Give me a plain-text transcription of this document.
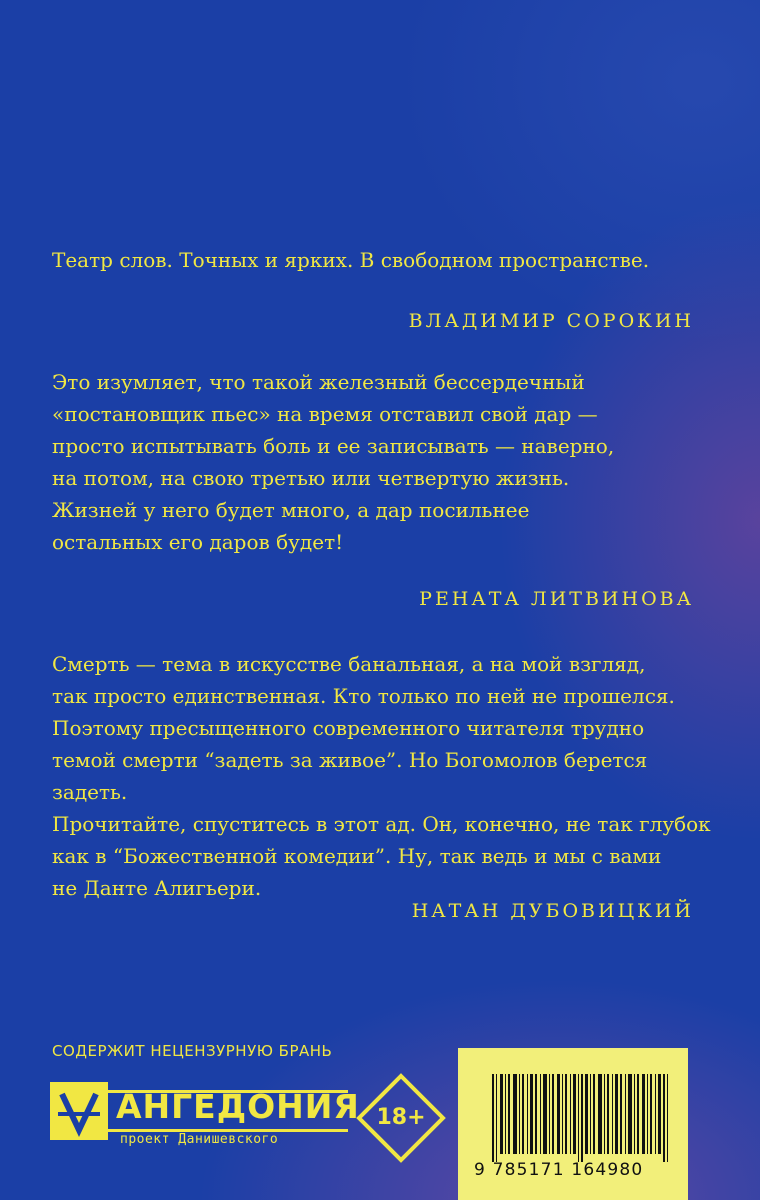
Театр слов. Точных и ярких. В свободном пространстве.
ВЛАДИМИР СОРОКИН
Это изумляет, что такой железный бессердечный
«постановщик пьес» на время отставил свой дар —
просто испытывать боль и ее записывать — наверно,
на потом, на свою третью или четвертую жизнь.
Жизней у него будет много, а дар посильнее
остальных его даров будет!
РЕНАТА ЛИТВИНОВА
Смерть — тема в искусстве банальная, а на мой взгляд,
так просто единственная. Кто только по ней не прошелся.
Поэтому пресыщенного современного читателя трудно
темой смерти “задеть за живое”. Но Богомолов берется задеть.
Прочитайте, спуститесь в этот ад. Он, конечно, не так глубок
как в “Божественной комедии”. Ну, так ведь и мы с вами
не Данте Алигьери.
НАТАН ДУБОВИЦКИЙ
СОДЕРЖИТ НЕЦЕНЗУРНУЮ БРАНЬ
АНГЕДОНИЯ
проект Данишевского
18+
9 785171 164980
